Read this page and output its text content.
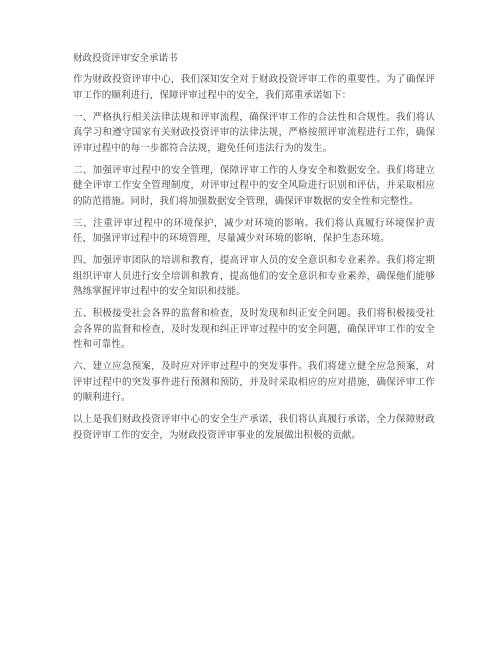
财政投资评审安全承诺书

作为财政投资评审中心，我们深知安全对于财政投资评审工作的重要性。为了确保评审工作的顺利进行，保障评审过程中的安全，我们郑重承诺如下：

一、严格执行相关法律法规和评审流程，确保评审工作的合法性和合规性。我们将认真学习和遵守国家有关财政投资评审的法律法规，严格按照评审流程进行工作，确保评审过程中的每一步都符合法规，避免任何违法行为的发生。

二、加强评审过程中的安全管理，保障评审工作的人身安全和数据安全。我们将建立健全评审工作安全管理制度，对评审过程中的安全风险进行识别和评估，并采取相应的防范措施。同时，我们将加强数据安全管理，确保评审数据的安全性和完整性。

三、注重评审过程中的环境保护，减少对环境的影响。我们将认真履行环境保护责任，加强评审过程中的环境管理，尽量减少对环境的影响，保护生态环境。

四、加强评审团队的培训和教育，提高评审人员的安全意识和专业素养。我们将定期组织评审人员进行安全培训和教育，提高他们的安全意识和专业素养，确保他们能够熟练掌握评审过程中的安全知识和技能。

五、积极接受社会各界的监督和检查，及时发现和纠正安全问题。我们将积极接受社会各界的监督和检查，及时发现和纠正评审过程中的安全问题，确保评审工作的安全性和可靠性。

六、建立应急预案，及时应对评审过程中的突发事件。我们将建立健全应急预案，对评审过程中的突发事件进行预测和预防，并及时采取相应的应对措施，确保评审工作的顺利进行。

以上是我们财政投资评审中心的安全生产承诺，我们将认真履行承诺，全力保障财政投资评审工作的安全，为财政投资评审事业的发展做出积极的贡献。
